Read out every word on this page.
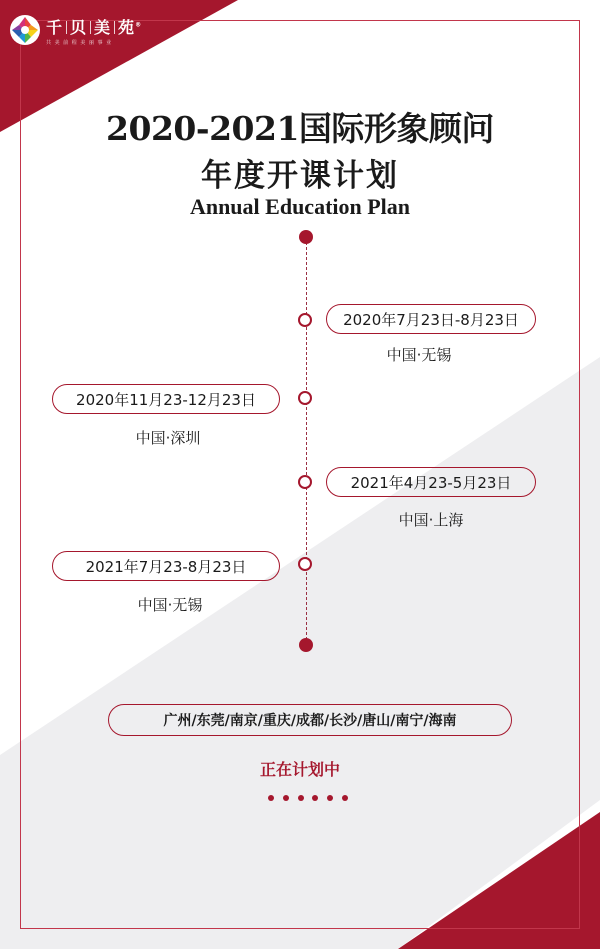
千 贝 美 苑®
共 美 前 程 美 丽 事 业
2020-2021国际形象顾问
年度开课计划
Annual Education Plan
2020年7月23日-8月23日
中国·无锡
2020年11月23-12月23日
中国·深圳
2021年4月23-5月23日
中国·上海
2021年7月23-8月23日
中国·无锡
广州/东莞/南京/重庆/成都/长沙/唐山/南宁/海南
正在计划中
